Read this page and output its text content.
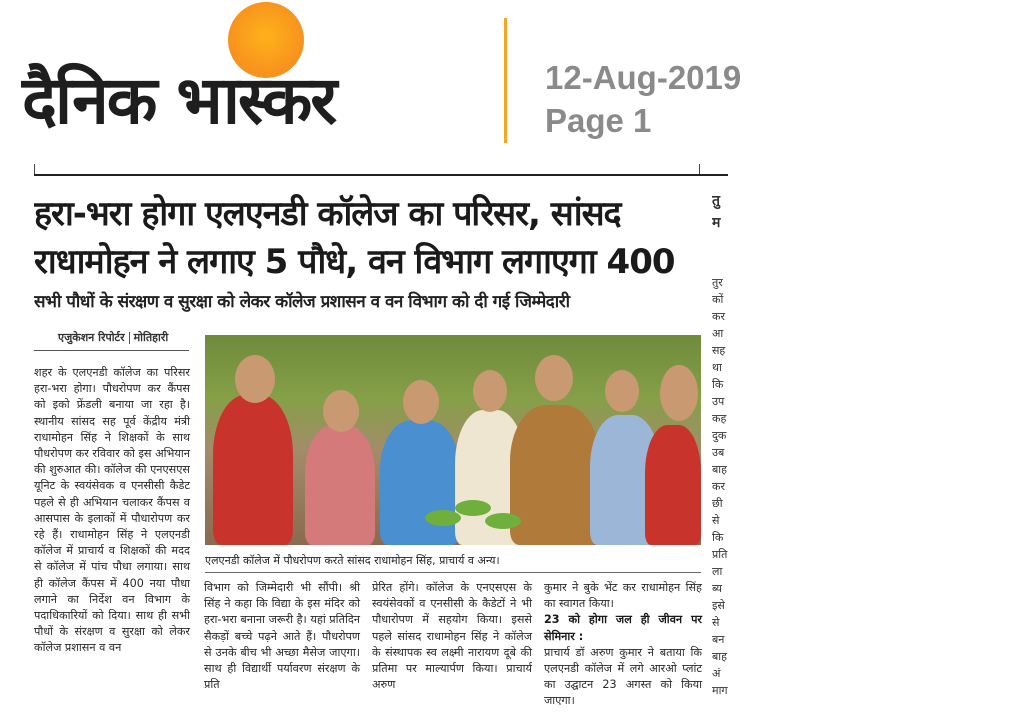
दैनिक भास्कर	12-Aug-2019
Page 1
हरा-भरा होगा एलएनडी कॉलेज का परिसर, सांसद
राधामोहन ने लगाए 5 पौधे, वन विभाग लगाएगा 400
सभी पौधों के संरक्षण व सुरक्षा को लेकर कॉलेज प्रशासन व वन विभाग को दी गई जिम्मेदारी
एजुकेशन रिपोर्टर मोतिहारी
एलएनडी कॉलेज में पौधरोपण करते सांसद राधामोहन सिंह, प्राचार्य व अन्य।
शहर के एलएनडी कॉलेज का परिसर हरा-भरा होगा। पौधरोपण कर कैंपस को इको फ्रेंडली बनाया जा रहा है। स्थानीय सांसद सह पूर्व केंद्रीय मंत्री राधामोहन सिंह ने शिक्षकों के साथ पौधरोपण कर रविवार को इस अभियान की शुरुआत की। कॉलेज की एनएसएस यूनिट के स्वयंसेवक व एनसीसी कैडेट पहले से ही अभियान चलाकर कैंपस व आसपास के इलाकों में पौधारोपण कर रहे हैं। राधामोहन सिंह ने एलएनडी कॉलेज में प्राचार्य व शिक्षकों की मदद से कॉलेज में पांच पौधा लगाया। साथ ही कॉलेज कैंपस में 400 नया पौधा लगाने का निर्देश वन विभाग के पदाधिकारियों को दिया। साथ ही सभी पौधों के संरक्षण व सुरक्षा को लेकर कॉलेज प्रशासन व वन
विभाग को जिम्मेदारी भी सौंपी। श्री सिंह ने कहा कि विद्या के इस मंदिर को हरा-भरा बनाना जरूरी है। यहां प्रतिदिन सैकड़ों बच्चे पढ़ने आते हैं। पौधरोपण से उनके बीच भी अच्छा मैसेज जाएगा। साथ ही विद्यार्थी पर्यावरण संरक्षण के प्रति
प्रेरित होंगे। कॉलेज के एनएसएस के स्वयंसेवकों व एनसीसी के कैडेटों ने भी पौधारोपण में सहयोग किया। इससे पहले सांसद राधामोहन सिंह ने कॉलेज के संस्थापक स्व लक्ष्मी नारायण दूबे की प्रतिमा पर माल्यार्पण किया। प्राचार्य अरुण
कुमार ने बुके भेंट कर राधामोहन सिंह का स्वागत किया।
23 को होगा जल ही जीवन पर सेमिनार :
प्राचार्य डॉ अरुण कुमार ने बताया कि एलएनडी कॉलेज में लगे आरओ प्लांट का उद्घाटन 23 अगस्त को किया जाएगा।
तु
म
तुर
कों
कर
आ
सह
था
कि
उप
कह
दुक
उब
बाह
कर
छी
से
कि
प्रति
ला
ब्य
इसे
से
बन
बाह
अं
माग
